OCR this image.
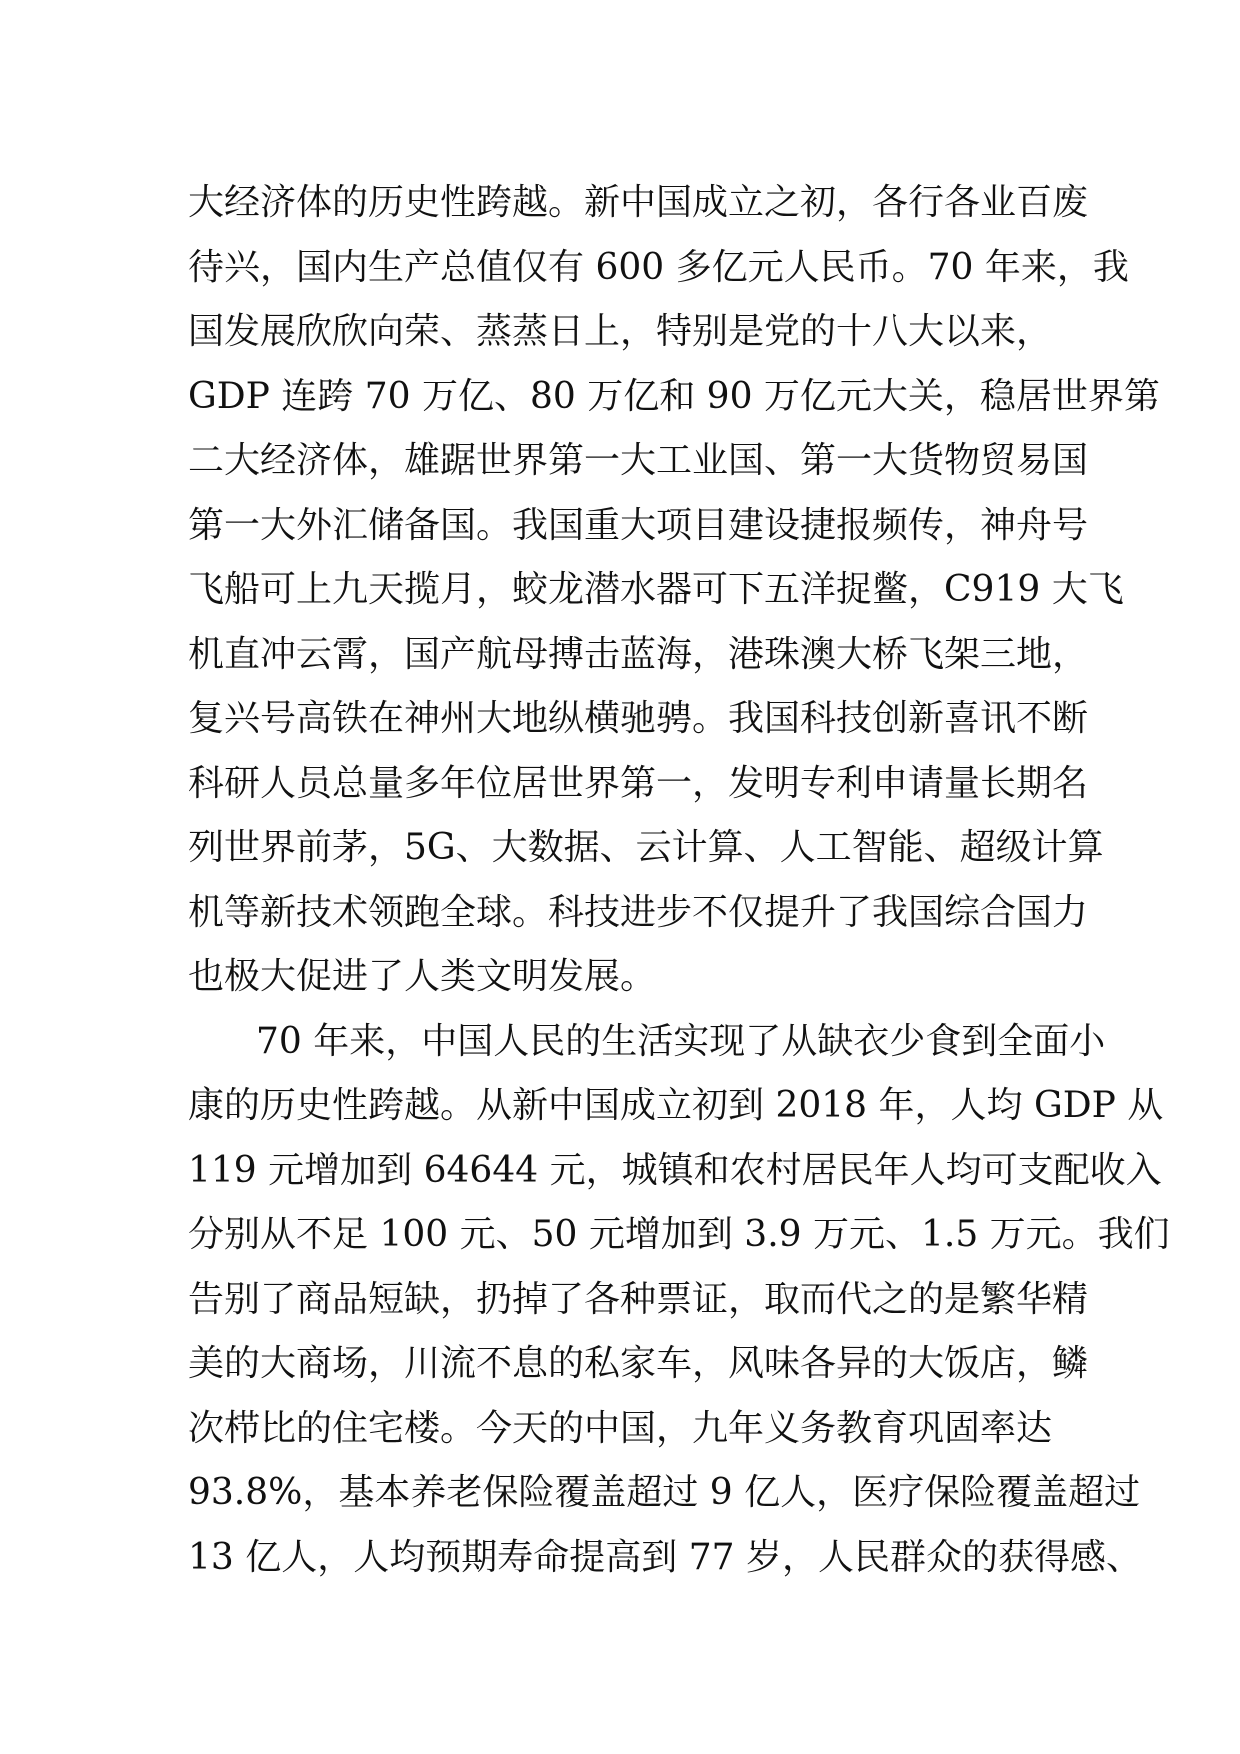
大经济体的历史性跨越。新中国成立之初，各行各业百废
待兴，国内生产总值仅有 600 多亿元人民币。70 年来，我
国发展欣欣向荣、蒸蒸日上，特别是党的十八大以来，
GDP 连跨 70 万亿、80 万亿和 90 万亿元大关，稳居世界第
二大经济体，雄踞世界第一大工业国、第一大货物贸易国
第一大外汇储备国。我国重大项目建设捷报频传，神舟号
飞船可上九天揽月，蛟龙潜水器可下五洋捉鳖，C919 大飞
机直冲云霄，国产航母搏击蓝海，港珠澳大桥飞架三地，
复兴号高铁在神州大地纵横驰骋。我国科技创新喜讯不断
科研人员总量多年位居世界第一，发明专利申请量长期名
列世界前茅，5G、大数据、云计算、人工智能、超级计算
机等新技术领跑全球。科技进步不仅提升了我国综合国力
也极大促进了人类文明发展。
70 年来，中国人民的生活实现了从缺衣少食到全面小
康的历史性跨越。从新中国成立初到 2018 年，人均 GDP 从
119 元增加到 64644 元，城镇和农村居民年人均可支配收入
分别从不足 100 元、50 元增加到 3.9 万元、1.5 万元。我们
告别了商品短缺，扔掉了各种票证，取而代之的是繁华精
美的大商场，川流不息的私家车，风味各异的大饭店，鳞
次栉比的住宅楼。今天的中国，九年义务教育巩固率达
93.8%，基本养老保险覆盖超过 9 亿人，医疗保险覆盖超过
13 亿人，人均预期寿命提高到 77 岁，人民群众的获得感、
